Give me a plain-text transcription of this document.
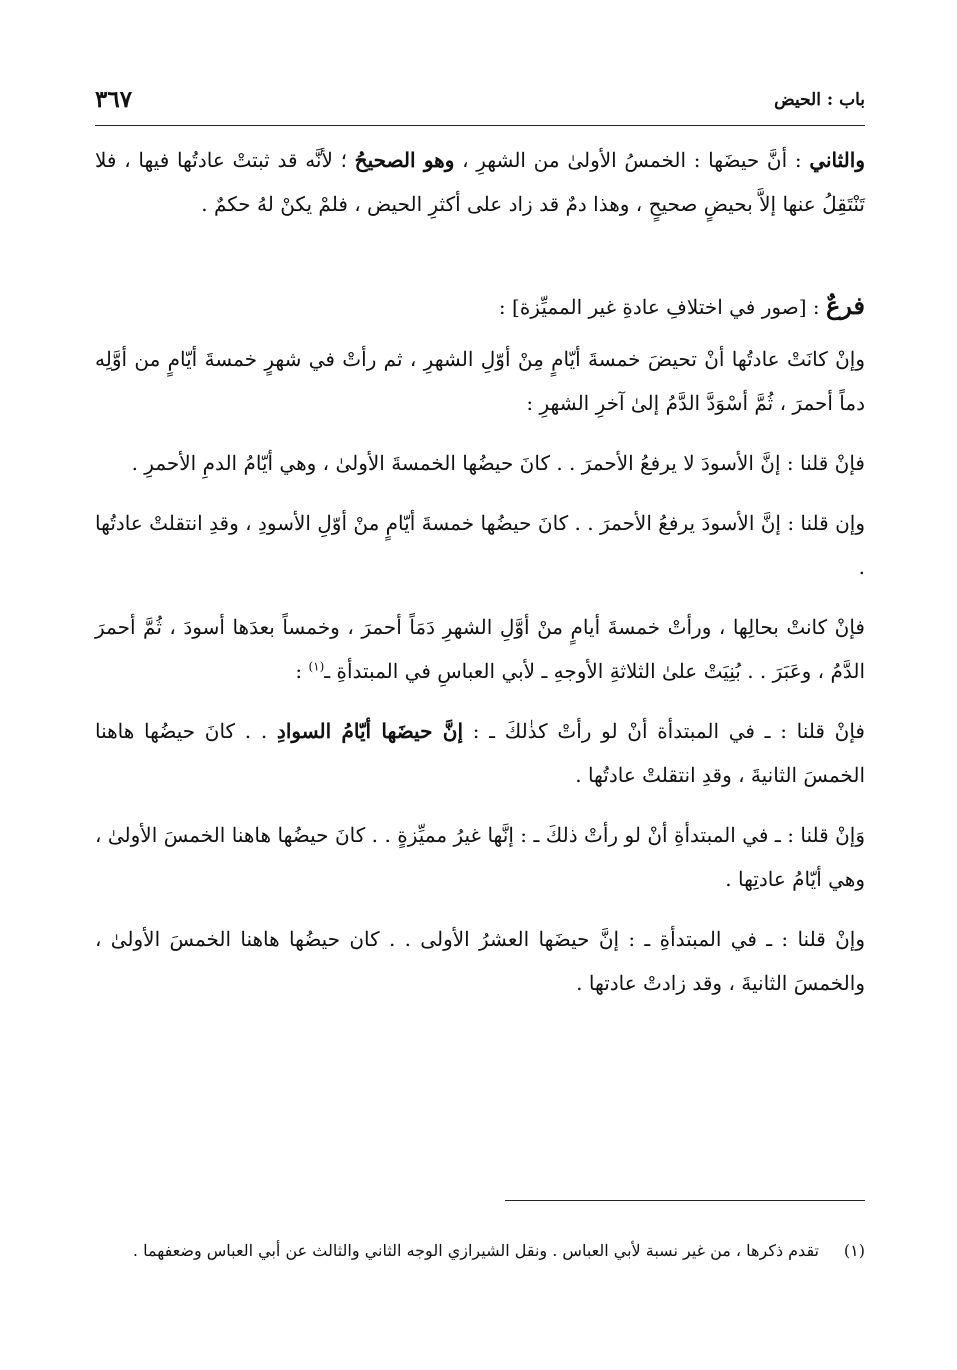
باب : الحيض
٣٦٧

والثاني : أنَّ حيضَها : الخمسُ الأولىٰ من الشهرِ ، وهو الصحيحُ ؛ لأنَّه قد ثبتتْ عادتُها فيها ، فلا تَنْتَقِلُ عنها إلاَّ بحيضٍ صحيحٍ ، وهذا دمٌ قد زاد على أكثرِ الحيض ، فلمْ يكنْ لهُ حكمٌ .

فرعٌ : [صور في اختلافِ عادةِ غير المميِّزة] :

وإنْ كانَتْ عادتُها أنْ تحيضَ خمسةَ أيّامٍ مِنْ أوّلِ الشهرِ ، ثم رأتْ في شهرٍ خمسةَ أيّامٍ من أوَّلِه دماً أحمرَ ، ثُمَّ أسْوَدَّ الدَّمُ إلىٰ آخرِ الشهرِ :

فإنْ قلنا : إنَّ الأسودَ لا يرفعُ الأحمرَ . . كانَ حيضُها الخمسةَ الأولىٰ ، وهي أيّامُ الدمِ الأحمرِ .

وإن قلنا : إنَّ الأسودَ يرفعُ الأحمرَ . . كانَ حيضُها خمسةَ أيّامٍ منْ أوّلِ الأسودِ ، وقدِ انتقلتْ عادتُها .

فإنْ كانتْ بحالِها ، ورأتْ خمسةَ أيامٍ منْ أوَّلِ الشهرِ دَمَاً أحمرَ ، وخمساً بعدَها أسودَ ، ثُمَّ أحمرَ الدَّمُ ، وعَبَرَ . . بُنِيَتْ علىٰ الثلاثةِ الأوجهِ ـ لأبي العباسِ في المبتدأةِ ـ$^{(١)}$ :

فإنْ قلنا : ـ في المبتدأة أنْ لو رأتْ كذٰلكَ ـ : إنَّ حيضَها أيّامُ السوادِ . . كانَ حيضُها هاهنا الخمسَ الثانيةَ ، وقدِ انتقلتْ عادتُها .

وَإنْ قلنا : ـ في المبتدأةِ أنْ لو رأتْ ذلكَ ـ : إنَّها غيرُ مميِّزةٍ . . كانَ حيضُها هاهنا الخمسَ الأولىٰ ، وهي أيّامُ عادتِها .

وإنْ قلنا : ـ في المبتدأةِ ـ : إنَّ حيضَها العشرُ الأولى . . كان حيضُها هاهنا الخمسَ الأولىٰ ، والخمسَ الثانيةَ ، وقد زادتْ عادتها .

(١)
تقدم ذكرها ، من غير نسبة لأبي العباس . ونقل الشيرازي الوجه الثاني والثالث عن أبي العباس وضعفهما .
